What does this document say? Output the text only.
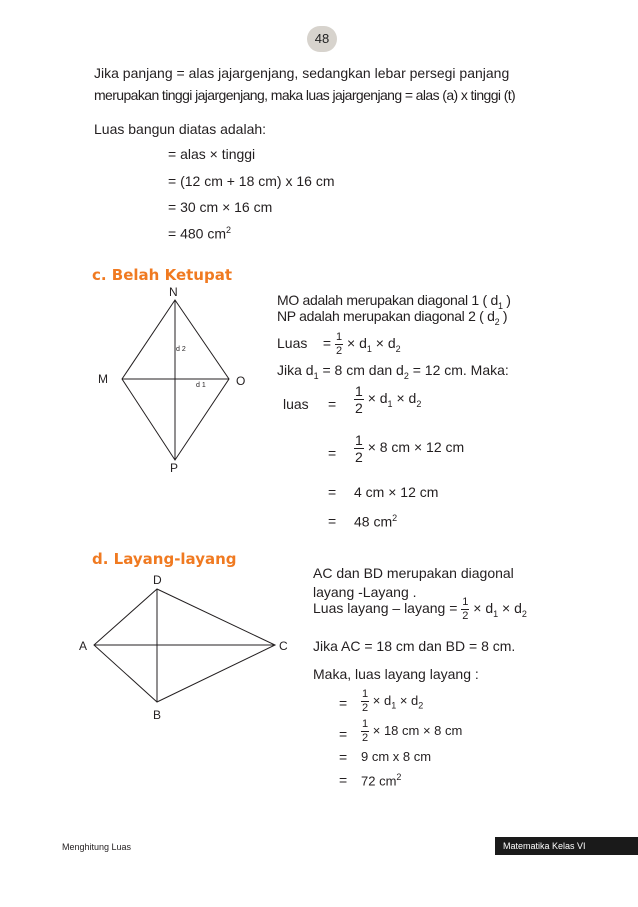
48
Jika panjang = alas jajargenjang, sedangkan lebar persegi panjang
merupakan tinggi jajargenjang, maka luas jajargenjang = alas (a) x tinggi (t)
Luas bangun diatas adalah:
= alas × tinggi
= (12 cm + 18 cm) x 16 cm
= 30 cm × 16 cm
= 480 $cm^2$
c. Belah Ketupat
N
M	O
P
d 2
d 1
MO adalah merupakan diagonal 1 ( $d_1$ )
NP adalah merupakan diagonal 2 ( $d_2$ )
Luas = $\frac{1}{2} \times d_1 \times d_2$
Jika $d_1 = 8$ cm dan $d_2 = 12$ cm. Maka:
luas = $\frac{1}{2} \times d_1 \times d_2$
= $\frac{1}{2} \times 8$ cm × 12 cm
= 4 cm × 12 cm
= 48 $cm^2$
d. Layang-layang
D
A	C
B
AC dan BD merupakan diagonal
layang -Layang .
Luas layang – layang = $\frac{1}{2} \times d_1 \times d_2$
Jika AC = 18 cm dan BD = 8 cm.
Maka, luas layang layang :
= $\frac{1}{2} \times d_1 \times d_2$
= $\frac{1}{2} \times 18$ cm × 8 cm
= 9 cm x 8 cm
= 72 $cm^2$
Menghitung Luas	Matematika Kelas VI
